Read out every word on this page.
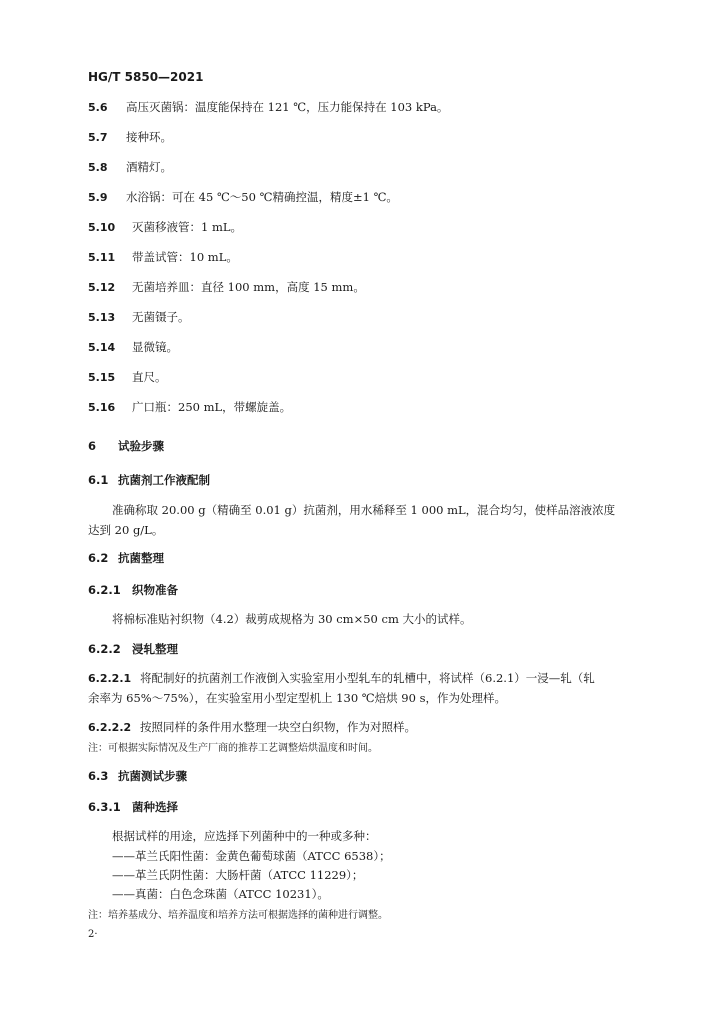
HG/T 5850—2021
5.6 高压灭菌锅：温度能保持在 121 ℃，压力能保持在 103 kPa。
5.7 接种环。
5.8 酒精灯。
5.9 水浴锅：可在 45 ℃～50 ℃精确控温，精度±1 ℃。
5.10 灭菌移液管：1 mL。
5.11 带盖试管：10 mL。
5.12 无菌培养皿：直径 100 mm，高度 15 mm。
5.13 无菌镊子。
5.14 显微镜。
5.15 直尺。
5.16 广口瓶：250 mL，带螺旋盖。
6 试验步骤
6.1 抗菌剂工作液配制
准确称取 20.00 g（精确至 0.01 g）抗菌剂，用水稀释至 1 000 mL，混合均匀，使样品溶液浓度
达到 20 g/L。
6.2 抗菌整理
6.2.1 织物准备
将棉标准贴衬织物（4.2）裁剪成规格为 30 cm×50 cm 大小的试样。
6.2.2 浸轧整理
6.2.2.1 将配制好的抗菌剂工作液倒入实验室用小型轧车的轧槽中，将试样（6.2.1）一浸—轧（轧
余率为 65%～75%），在实验室用小型定型机上 130 ℃焙烘 90 s，作为处理样。
6.2.2.2 按照同样的条件用水整理一块空白织物，作为对照样。
注：可根据实际情况及生产厂商的推荐工艺调整焙烘温度和时间。
6.3 抗菌测试步骤
6.3.1 菌种选择
根据试样的用途，应选择下列菌种中的一种或多种：
——革兰氏阳性菌：金黄色葡萄球菌（ATCC 6538）；
——革兰氏阴性菌：大肠杆菌（ATCC 11229）；
——真菌：白色念珠菌（ATCC 10231）。
注：培养基成分、培养温度和培养方法可根据选择的菌种进行调整。
2·
